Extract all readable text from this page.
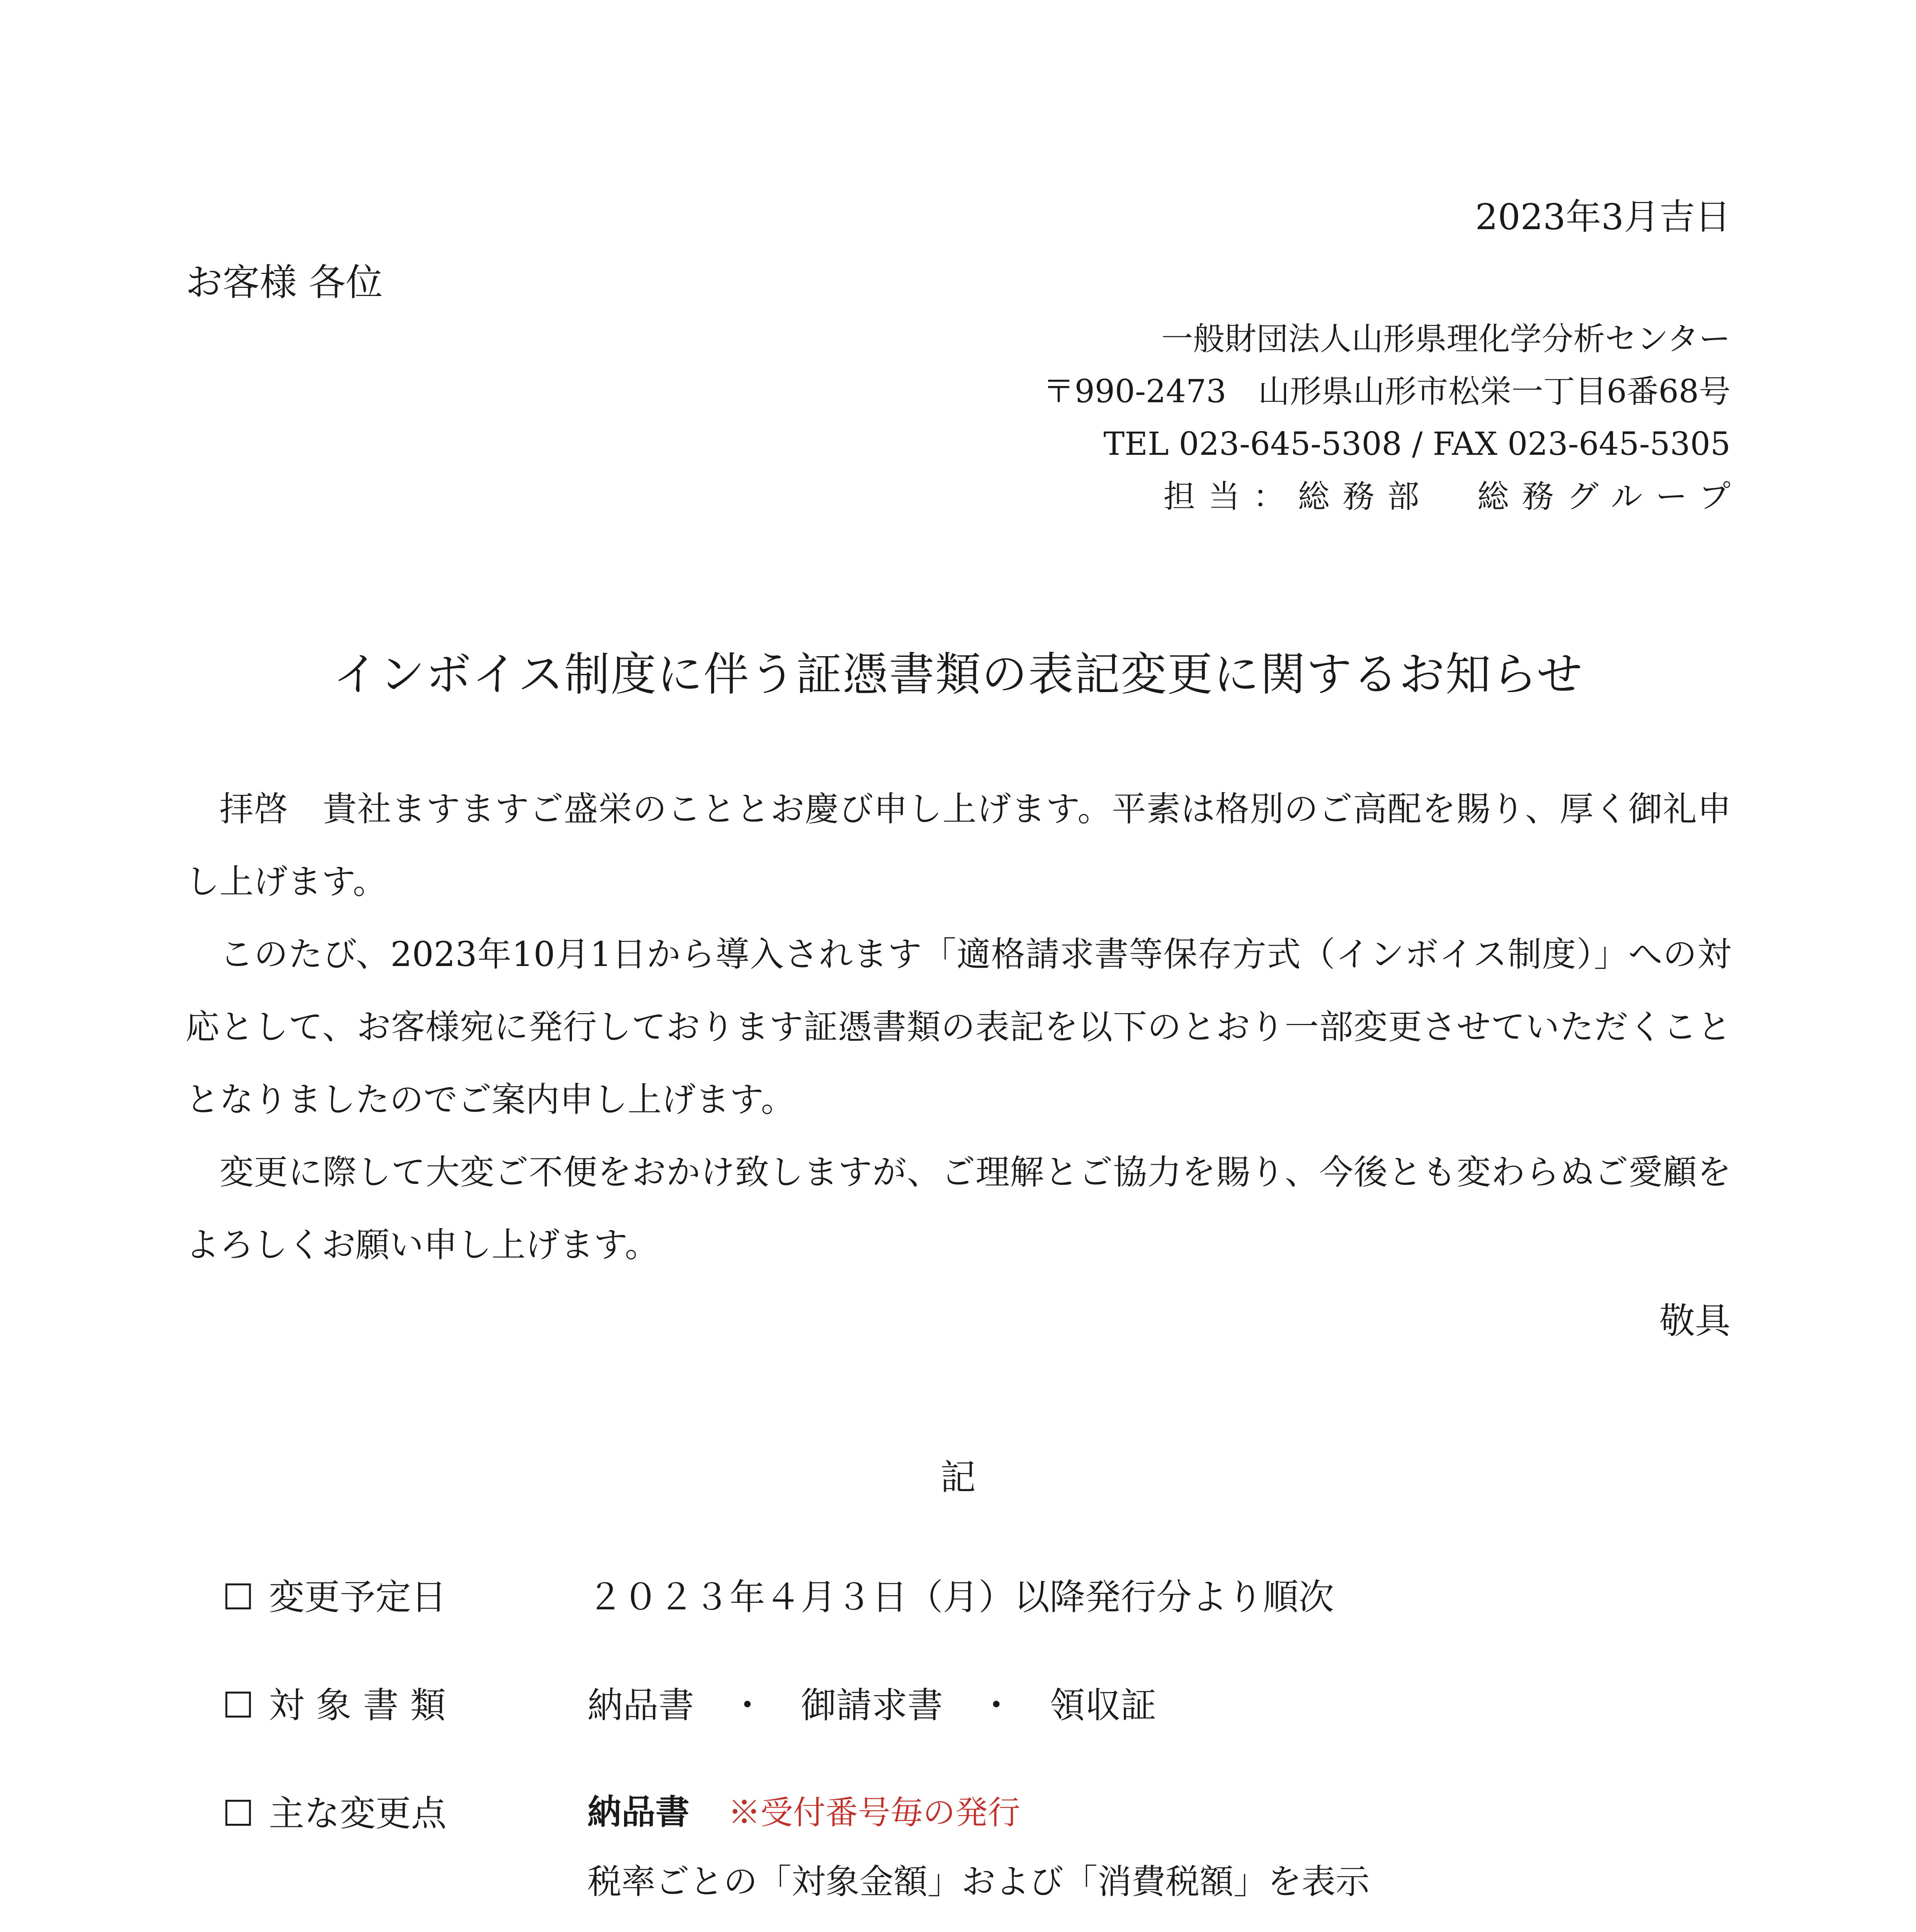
2023年3月吉日
お客様 各位
一般財団法人山形県理化学分析センター
〒990-2473　山形県山形市松栄一丁目6番68号
TEL 023-645-5308 / FAX 023-645-5305
担当：総務部　総務グループ
インボイス制度に伴う証憑書類の表記変更に関するお知らせ

拝啓　貴社ますますご盛栄のこととお慶び申し上げます。平素は格別のご高配を賜り、厚く御礼申し上げます。

このたび、2023年10月1日から導入されます「適格請求書等保存方式（インボイス制度）」への対応として、お客様宛に発行しております証憑書類の表記を以下のとおり一部変更させていただくこととなりましたのでご案内申し上げます。

変更に際して大変ご不便をおかけ致しますが、ご理解とご協力を賜り、今後とも変わらぬご愛顧をよろしくお願い申し上げます。

敬具
記
☐ 変更予定日	２０２３年４月３日（月）以降発行分より順次
☐ 対象書類	納品書　・　御請求書　・　領収証
☐ 主な変更点	納品書 ※受付番号毎の発行
税率ごとの「対象金額」および「消費税額」を表示
